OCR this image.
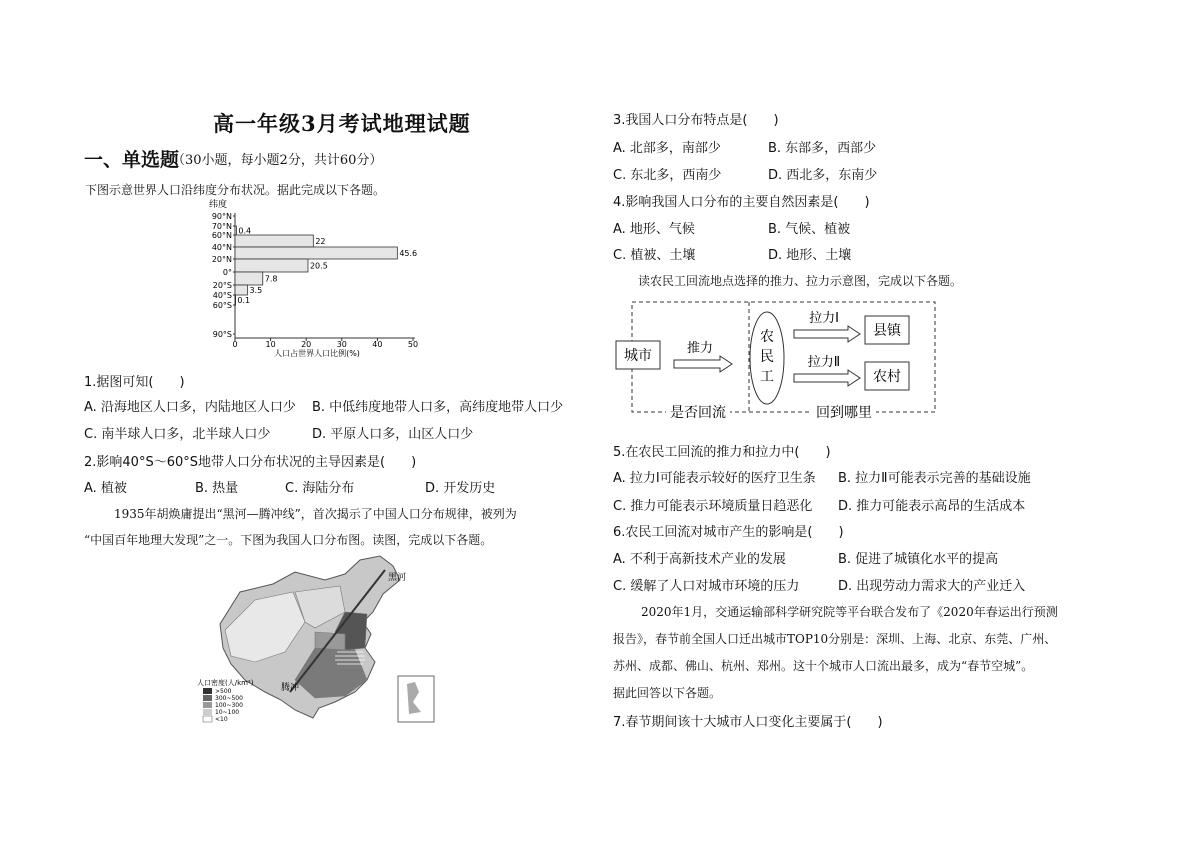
高一年级3月考试地理试题
一、单选题
（30小题，每小题2分，共计60分）
下图示意世界人口沿纬度分布状况。据此完成以下各题。
纬度
90°N
70°N
60°N
40°N
20°N
0°
20°S
40°S
60°S
90°S
0	10	20	30	40	50
0.4
22
45.6
20.5
7.8
3.5
0.1
人口占世界人口比例(%)
1.据图可知(　　)
A. 沿海地区人口多，内陆地区人口少 B. 中低纬度地带人口多，高纬度地带人口少
C. 南半球人口多，北半球人口少	D. 平原人口多，山区人口少
2.影响40°S～60°S地带人口分布状况的主导因素是(　　)
A. 植被	B. 热量	C. 海陆分布	D. 开发历史
1935年胡焕庸提出“黑河—腾冲线”，首次揭示了中国人口分布规律，被列为
“中国百年地理大发现”之一。下图为我国人口分布图。读图，完成以下各题。
黑河
腾冲
人口密度(人/km²)
>500
300~500
100~300
10~100
<10
3.我国人口分布特点是(　　)
A. 北部多，南部少	B. 东部多，西部少
C. 东北多，西南少	D. 西北多，东南少
4.影响我国人口分布的主要自然因素是(　　)
A. 地形、气候	B. 气候、植被
C. 植被、土壤	D. 地形、土壤
读农民工回流地点选择的推力、拉力示意图，完成以下各题。
城市	推力
农
民
工
拉力Ⅰ
拉力Ⅱ
县镇
农村
是否回流	回到哪里
5.在农民工回流的推力和拉力中(　　)
A. 拉力Ⅰ可能表示较好的医疗卫生条 B. 拉力Ⅱ可能表示完善的基础设施
C. 推力可能表示环境质量日趋恶化 D. 推力可能表示高昂的生活成本
6.农民工回流对城市产生的影响是(　　)
A. 不利于高新技术产业的发展	B. 促进了城镇化水平的提高
C. 缓解了人口对城市环境的压力	D. 出现劳动力需求大的产业迁入
2020年1月，交通运输部科学研究院等平台联合发布了《2020年春运出行预测
报告》，春节前全国人口迁出城市TOP10分别是：深圳、上海、北京、东莞、广州、
苏州、成都、佛山、杭州、郑州。这十个城市人口流出最多，成为“春节空城”。
据此回答以下各题。
7.春节期间该十大城市人口变化主要属于(　　)
